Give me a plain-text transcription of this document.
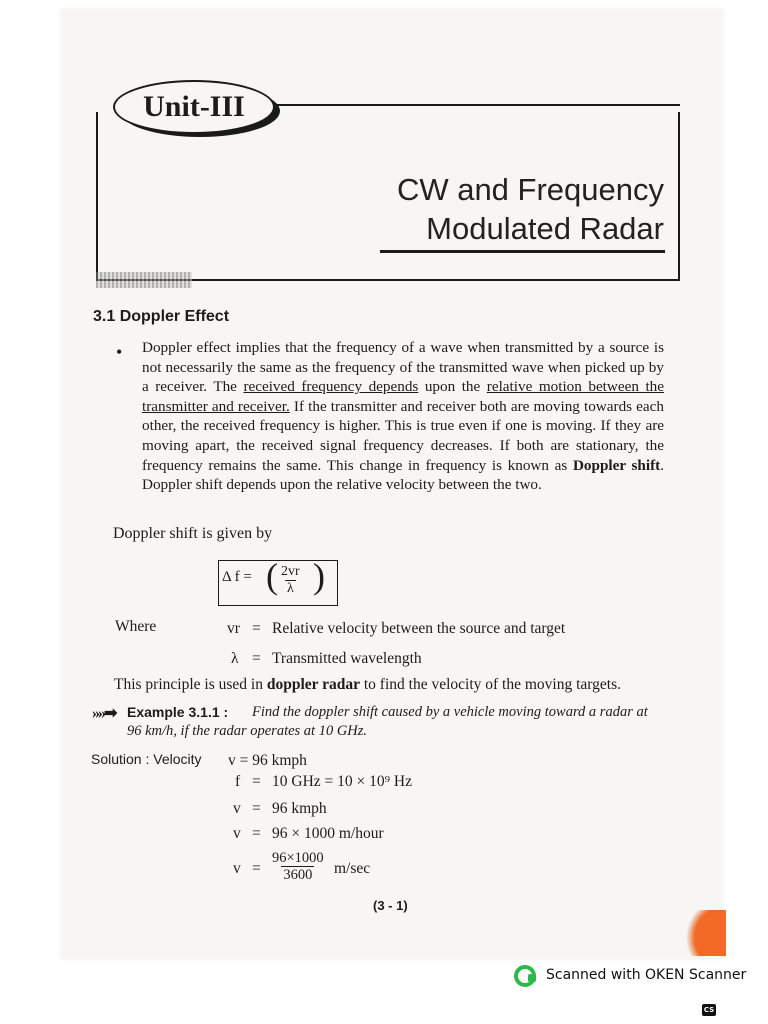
Unit-III
CW and Frequency
Modulated Radar
3.1 Doppler Effect
• Doppler effect implies that the frequency of a wave when transmitted by a source is not necessarily the same as the frequency of the transmitted wave when picked up by a receiver. The received frequency depends upon the relative motion between the transmitter and receiver. If the transmitter and receiver both are moving towards each other, the received frequency is higher. This is true even if one is moving. If they are moving apart, the received signal frequency decreases. If both are stationary, the frequency remains the same. This change in frequency is known as Doppler shift. Doppler shift depends upon the relative velocity between the two.
Doppler shift is given by
Δ f = ( $\frac{2vr}{\lambda}$ )
Where	vr = Relative velocity between the source and target
λ = Transmitted wavelength
This principle is used in doppler radar to find the velocity of the moving targets.
»»➡ Example 3.1.1 : Find the doppler shift caused by a vehicle moving toward a radar at
96 km/h, if the radar operates at 10 GHz.
Solution : Velocity v = 96 kmph
f = 10 GHz = 10 × 10⁹ Hz
v = 96 kmph
v = 96 × 1000 m/hour
$v = \frac{96\times 1000}{3600} m/\sec$
(3 - 1)
Scanned with OKEN Scanner
CS
